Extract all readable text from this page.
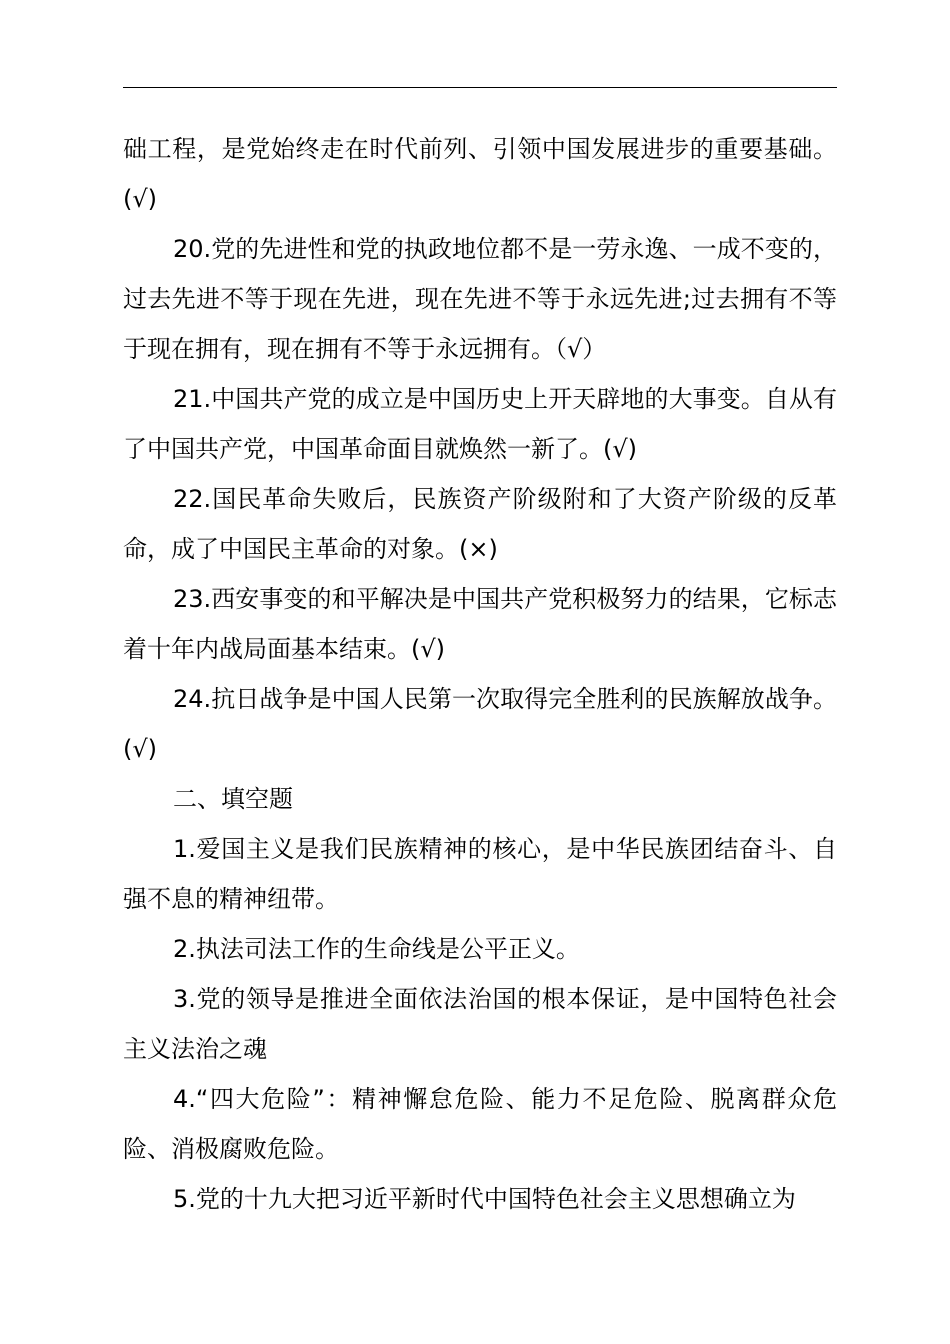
础工程，是党始终走在时代前列、引领中国发展进步的重要基础。(√)

20.党的先进性和党的执政地位都不是一劳永逸、一成不变的，过去先进不等于现在先进，现在先进不等于永远先进;过去拥有不等于现在拥有，现在拥有不等于永远拥有。（√）

21.中国共产党的成立是中国历史上开天辟地的大事变。自从有了中国共产党，中国革命面目就焕然一新了。(√)

22.国民革命失败后，民族资产阶级附和了大资产阶级的反革命，成了中国民主革命的对象。(×)

23.西安事变的和平解决是中国共产党积极努力的结果，它标志着十年内战局面基本结束。(√)

24.抗日战争是中国人民第一次取得完全胜利的民族解放战争。(√)

二、填空题

1.爱国主义是我们民族精神的核心，是中华民族团结奋斗、自强不息的精神纽带。

2.执法司法工作的生命线是公平正义。

3.党的领导是推进全面依法治国的根本保证，是中国特色社会主义法治之魂

4.“四大危险”：精神懈怠危险、能力不足危险、脱离群众危险、消极腐败危险。

5.党的十九大把习近平新时代中国特色社会主义思想确立为
